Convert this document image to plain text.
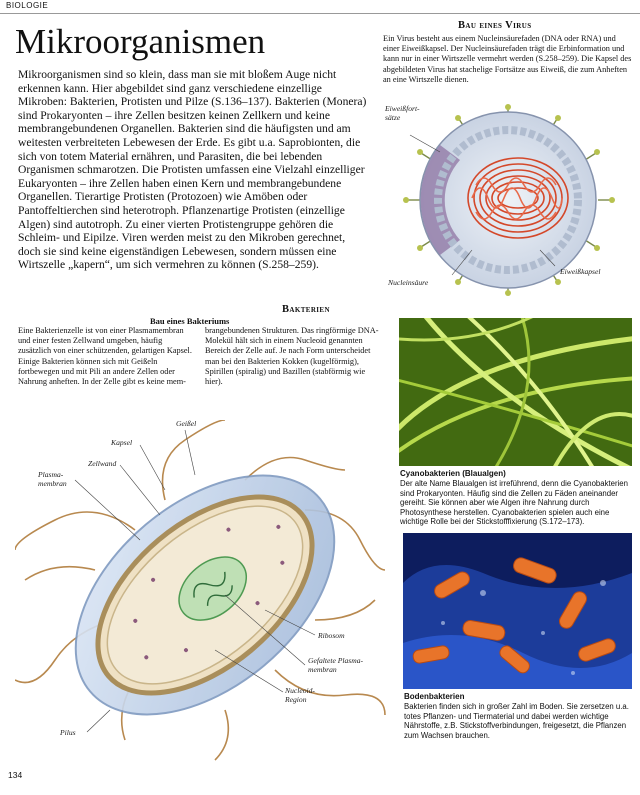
BIOLOGIE
Mikroorganismen

Mikroorganismen sind so klein, dass man sie mit bloßem Auge nicht erkennen kann. Hier abgebildet sind ganz verschiedene einzellige Mikroben: Bakterien, Protisten und Pilze (S.136–137). Bakterien (Monera) sind Prokaryonten – ihre Zellen besitzen keinen Zellkern und keine membrangebundenen Organellen. Bakterien sind die häufigsten und am weitesten verbreiteten Lebewesen der Erde. Es gibt u.a. Saprobionten, die sich von totem Material ernähren, und Parasiten, die bei lebenden Organismen schmarotzen. Die Protisten umfassen eine Vielzahl einzelliger Eukaryonten – ihre Zellen haben einen Kern und membrangebundene Organellen. Tierartige Protisten (Protozoen) wie Amöben oder Pantoffeltierchen sind heterotroph. Pflanzenartige Protisten (einzellige Algen) sind autotroph. Zu einer vierten Protistengruppe gehören die Schleim- und Eipilze. Viren werden meist zu den Mikroben gerechnet, doch sie sind keine eigenständigen Lebewesen, sondern müssen eine Wirtszelle „kapern“, um sich vermehren zu können (S.258–259).

Bau eines Virus

Ein Virus besteht aus einem Nucleinsäurefaden (DNA oder RNA) und einer Eiweißkapsel. Der Nucleinsäurefaden trägt die Erbinformation und kann nur in einer Wirtszelle vermehrt werden (S.258–259). Die Kapsel des abgebildeten Virus hat stachelige Fortsätze aus Eiweiß, die zum Anheften an eine Wirtszelle dienen.

Eiweißfort-
sätze
Nucleinsäure
Eiweißkapsel
Bakterien
Bau eines Bakteriums

Eine Bakterienzelle ist von einer Plasmamembran und einer festen Zellwand umgeben, häufig zusätzlich von einer schützenden, gelartigen Kapsel. Einige Bakterien können sich mit Geißeln fortbewegen und mit Pili an andere Zellen oder Nahrung anheften. In der Zelle gibt es keine mem-

brangebundenen Strukturen. Das ringförmige DNA-Molekül hält sich in einem Nucleoid genannten Bereich der Zelle auf. Je nach Form unterscheidet man bei den Bakterien Kokken (kugelförmig), Spirillen (spiralig) und Bazillen (stabförmig wie hier).

Geißel
Kapsel
Zellwand
Plasma-
membran
Ribosom
Gefaltete Plasma-
membran
Nucleoid-
Region
Pilus
Cyanobakterien (Blaualgen)

Der alte Name Blaualgen ist irreführend, denn die Cyanobakterien sind Prokaryonten. Häufig sind die Zellen zu Fäden aneinander gereiht. Sie können aber wie Algen ihre Nahrung durch Photosynthese herstellen. Cyanobakterien spielen auch eine wichtige Rolle bei der Stickstofffixierung (S.172–173).

Bodenbakterien

Bakterien finden sich in großer Zahl im Boden. Sie zersetzen u.a. totes Pflanzen- und Tiermaterial und dabei werden wichtige Nährstoffe, z.B. Stickstoffverbindungen, freigesetzt, die Pflanzen zum Wachsen brauchen.

134
